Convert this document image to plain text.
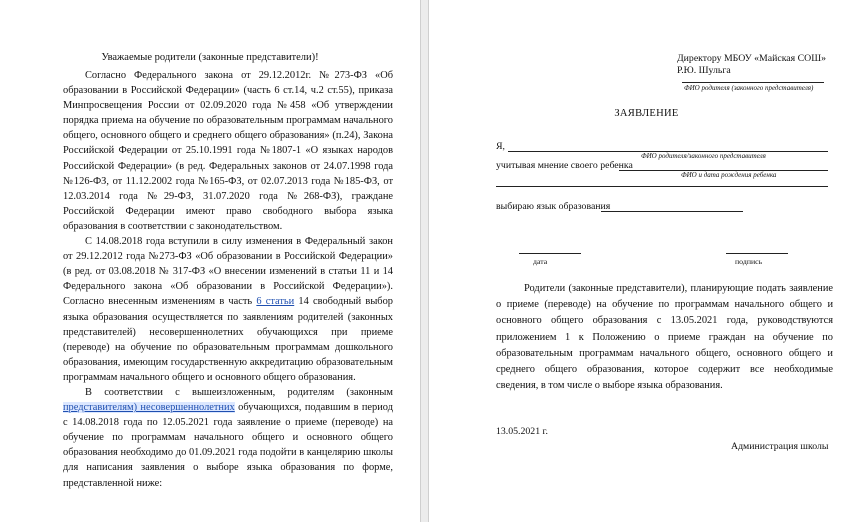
Уважаемые родители (законные представители)!

Согласно Федерального закона от 29.12.2012г. №273-ФЗ «Об образовании в Российской Федерации» (часть 6 ст.14, ч.2 ст.55), приказа Минпросвещения России от 02.09.2020 года №458 «Об утверждении порядка приема на обучение по образовательным программам начального общего, основного общего и среднего общего образования» (п.24), Закона Российской Федерации от 25.10.1991 года №1807-1 «О языках народов Российской Федерации» (в ред. Федеральных законов от 24.07.1998 года №126-ФЗ, от 11.12.2002 года №165-ФЗ, от 02.07.2013 года №185-ФЗ, от 12.03.2014 года №29-ФЗ, 31.07.2020 года №268-ФЗ), граждане Российской Федерации имеют право свободного выбора языка образования в соответствии с законодательством.

С 14.08.2018 года вступили в силу изменения в Федеральный закон от 29.12.2012 года №273-ФЗ «Об образовании в Российской Федерации» (в ред. от 03.08.2018 № 317-ФЗ «О внесении изменений в статьи 11 и 14 Федерального закона «Об образовании в Российской Федерации»). Согласно внесенным изменениям в часть 6 статьи 14 свободный выбор языка образования осуществляется по заявлениям родителей (законных представителей) несовершеннолетних обучающихся при приеме (переводе) на обучение по образовательным программам дошкольного образования, имеющим государственную аккредитацию образовательным программам начального общего и основного общего образования.

В соответствии с вышеизложенным, родителям (законным представителям) несовершеннолетних обучающихся, подавшим в период с 14.08.2018 года по 12.05.2021 года заявление о приеме (переводе) на обучение по программам начального общего и основного общего образования необходимо до 01.09.2021 года подойти в канцелярию школы для написания заявления о выборе языка образования по форме, представленной ниже:

Директору МБОУ «Майская СОШ»
Р.Ю. Шульга
ФИО родителя (законного представителя)
ЗАЯВЛЕНИЕ
Я,
ФИО родителя/законного представителя
учитывая мнение своего ребенка
ФИО и дата рождения ребенка
выбираю язык образования
дата	подпись

Родители (законные представители), планирующие подать заявление о приеме (переводе) на обучение по программам начального общего и основного общего образования с 13.05.2021 года, руководствуются приложением 1 к Положению о приеме граждан на обучение по образовательным программам начального общего, основного общего и среднего общего образования, которое содержит все необходимые сведения, в том числе о выборе языка образования.

13.05.2021 г.
Администрация школы
